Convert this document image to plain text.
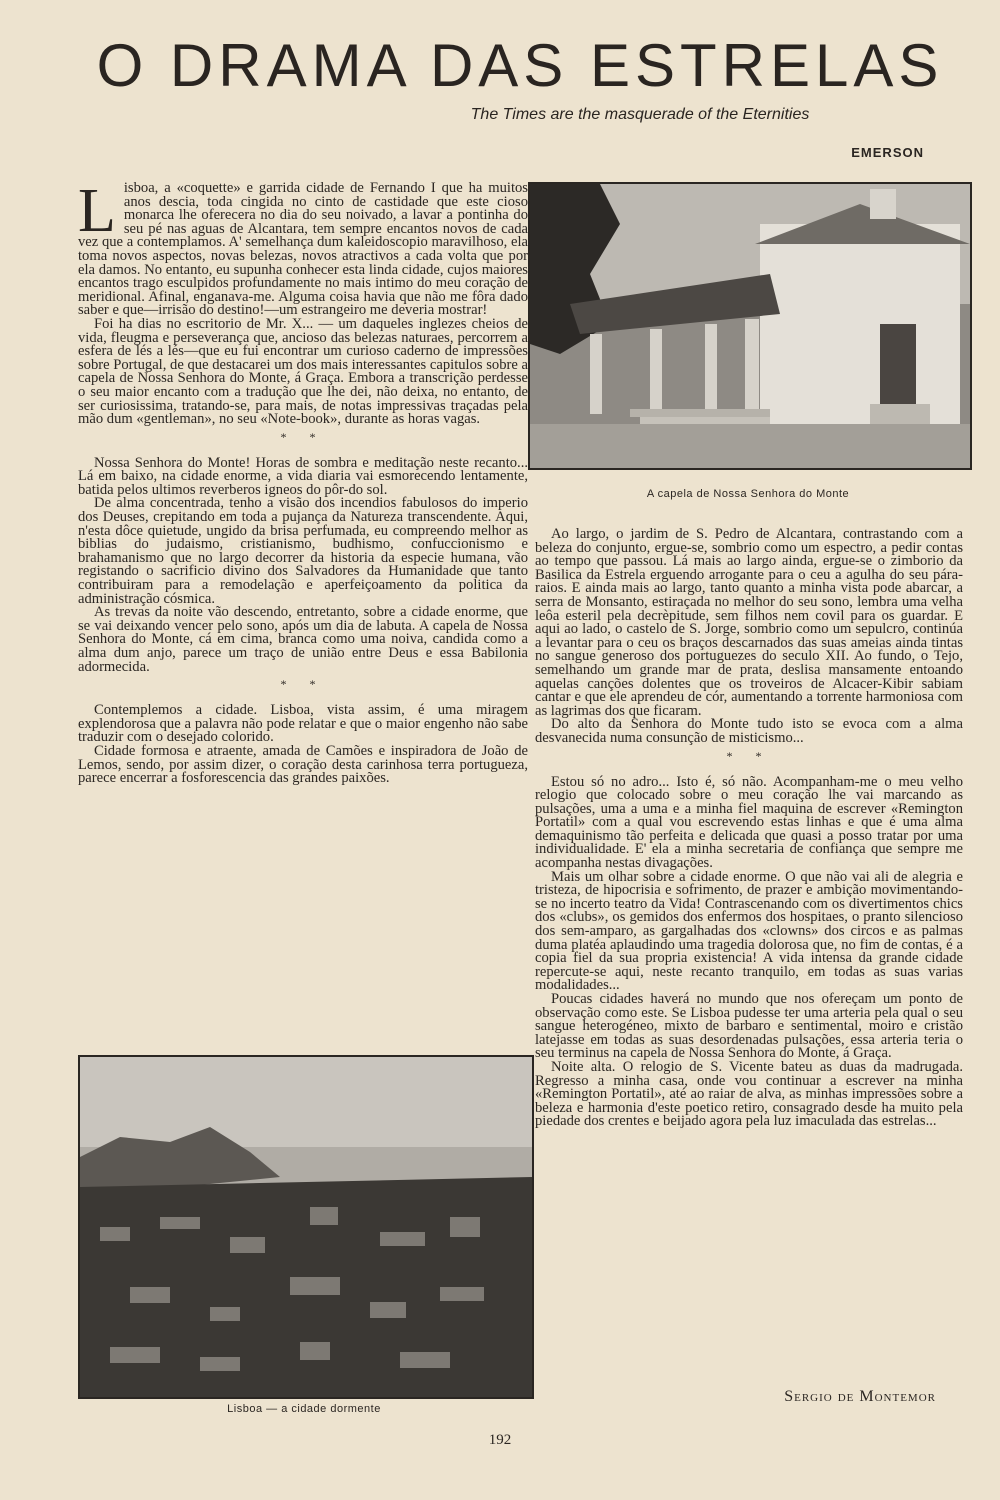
O DRAMA DAS ESTRELAS

The Times are the masquerade of the Eternities

EMERSON

Lisboa, a «coquette» e garrida cidade de Fernando I que ha muitos anos descia, toda cingida no cinto de castidade que este cioso monarca lhe oferecera no dia do seu noivado, a lavar a pontinha do seu pé nas aguas de Alcantara, tem sempre encantos novos de cada vez que a contemplamos. A' semelhança dum kaleidoscopio maravilhoso, ela toma novos aspectos, novas belezas, novos atractivos a cada volta que por ela damos. No entanto, eu supunha conhecer esta linda cidade, cujos maiores encantos trago esculpidos profundamente no mais intimo do meu coração de meridional. Afinal, enganava-me. Alguma coisa havia que não me fôra dado saber e que—irrisão do destino!—um estrangeiro me deveria mostrar!

Foi ha dias no escritorio de Mr. X... — um daqueles inglezes cheios de vida, fleugma e perseverança que, ancioso das belezas naturaes, percorrem a esfera de lés a lés—que eu fui encontrar um curioso caderno de impressões sobre Portugal, de que destacarei um dos mais interessantes capitulos sobre a capela de Nossa Senhora do Monte, á Graça. Embora a transcrição perdesse o seu maior encanto com a tradução que lhe dei, não deixa, no entanto, de ser curiosissima, tratando-se, para mais, de notas impressivas traçadas pela mão dum «gentleman», no seu «Note-book», durante as horas vagas.

* *

Nossa Senhora do Monte! Horas de sombra e meditação neste recanto... Lá em baixo, na cidade enorme, a vida diaria vai esmorecendo lentamente, batida pelos ultimos reverberos igneos do pôr-do sol.

De alma concentrada, tenho a visão dos incendios fabulosos do imperio dos Deuses, crepitando em toda a pujança da Natureza transcendente. Aqui, n'esta dôce quietude, ungido da brisa perfumada, eu compreendo melhor as biblias do judaismo, cristianismo, budhismo, confuccionismo e brahamanismo que no largo decorrer da historia da especie humana, vão registando o sacrificio divino dos Salvadores da Humanidade que tanto contribuiram para a remodelação e aperfeiçoamento da politica da administração cósmica.

As trevas da noite vão descendo, entretanto, sobre a cidade enorme, que se vai deixando vencer pelo sono, após um dia de labuta. A capela de Nossa Senhora do Monte, cá em cima, branca como uma noiva, candida como a alma dum anjo, parece um traço de união entre Deus e essa Babilonia adormecida.

* *

Contemplemos a cidade. Lisboa, vista assim, é uma miragem explendorosa que a palavra não pode relatar e que o maior engenho não sabe traduzir com o desejado colorido.

Cidade formosa e atraente, amada de Camões e inspiradora de João de Lemos, sendo, por assim dizer, o coração desta carinhosa terra portugueza, parece encerrar a fosforescencia das grandes paixões.

A capela de Nossa Senhora do Monte

Ao largo, o jardim de S. Pedro de Alcantara, contrastando com a beleza do conjunto, ergue-se, sombrio como um espectro, a pedir contas ao tempo que passou. Lá mais ao largo ainda, ergue-se o zimborio da Basilica da Estrela erguendo arrogante para o ceu a agulha do seu pára-raios. E ainda mais ao largo, tanto quanto a minha vista pode abarcar, a serra de Monsanto, estiraçada no melhor do seu sono, lembra uma velha leôa esteril pela decrèpitude, sem filhos nem covil para os guardar. E aqui ao lado, o castelo de S. Jorge, sombrio como um sepulcro, continúa a levantar para o ceu os braços descarnados das suas ameias ainda tintas no sangue generoso dos portuguezes do seculo XII. Ao fundo, o Tejo, semelhando um grande mar de prata, deslisa mansamente entoando aquelas canções dolentes que os troveiros de Alcacer-Kibir sabiam cantar e que ele aprendeu de cór, aumentando a torrente harmoniosa com as lagrimas dos que ficaram.

Do alto da Senhora do Monte tudo isto se evoca com a alma desvanecida numa consunção de misticismo...

* *

Estou só no adro... Isto é, só não. Acompanham-me o meu velho relogio que colocado sobre o meu coração lhe vai marcando as pulsações, uma a uma e a minha fiel maquina de escrever «Remington Portatil» com a qual vou escrevendo estas linhas e que é uma alma demaquinismo tão perfeita e delicada que quasi a posso tratar por uma individualidade. E' ela a minha secretaria de confiança que sempre me acompanha nestas divagações.

Mais um olhar sobre a cidade enorme. O que não vai ali de alegria e tristeza, de hipocrisia e sofrimento, de prazer e ambição movimentando-se no incerto teatro da Vida! Contrascenando com os divertimentos chics dos «clubs», os gemidos dos enfermos dos hospitaes, o pranto silencioso dos sem-amparo, as gargalhadas dos «clowns» dos circos e as palmas duma platéa aplaudindo uma tragedia dolorosa que, no fim de contas, é a copia fiel da sua propria existencia! A vida intensa da grande cidade repercute-se aqui, neste recanto tranquilo, em todas as suas varias modalidades...

Poucas cidades haverá no mundo que nos ofereçam um ponto de observação como este. Se Lisboa pudesse ter uma arteria pela qual o seu sangue heterogéneo, mixto de barbaro e sentimental, moiro e cristão latejasse em todas as suas desordenadas pulsações, essa arteria teria o seu terminus na capela de Nossa Senhora do Monte, á Graça.

Noite alta. O relogio de S. Vicente bateu as duas da madrugada. Regresso a minha casa, onde vou continuar a escrever na minha «Remington Portatil», até ao raiar de alva, as minhas impressões sobre a beleza e harmonia d'este poetico retiro, consagrado desde ha muito pela piedade dos crentes e beijado agora pela luz imaculada das estrelas...

Lisboa — a cidade dormente

Sergio de Montemor

192
